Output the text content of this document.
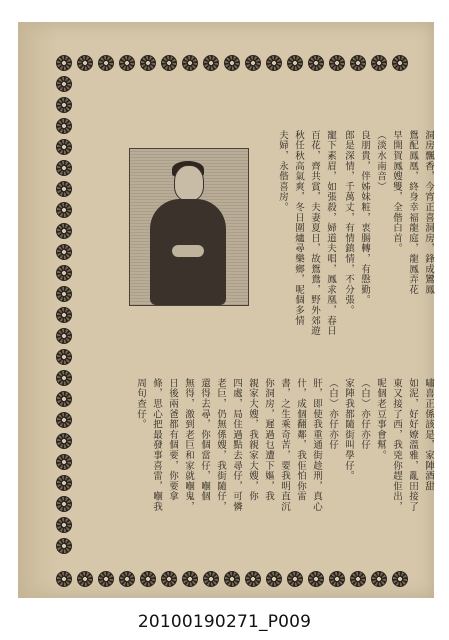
洞房飄香，今宵正喜洞房，鋒成鸞鳳
鴛配鳳凰，終身幸福龍庭，龍鳳弄花
早開賀鳳嫂雙，全偕白首。
（淡水南音）
良朋貴，伴姊妹粧，衷腸轉，有慇勤。
郎是深情，千萬丈，有情鎮情，不分張。
寵下素眉，如張殺，婦道夫唱，鳳求凰，春日
百花，齊共賞，夫妻夏日，故鴛鴦，野外郊遊
秋任秋高氣爽，冬日圍爐尋樂鄉，呢個多情
夫婦，永偕喜房。
嘯喜正係該是，家陣酒甜
如泥，好好嫽溫雅，亂田接了
東又接了西，我兇你趕佢出，
呢個老豆事會幫。
（白）亦仔亦仔
家陣我都隨街叫學仔。
（白）亦仔亦仔
肝，即使我重通街趁刑，真心
什，成個翻鄰，我佢怕你雷
書，之生乘奇苦，要我明直沉
你洞房，遲過乜遭下嫗，我
親家大嫂，我親家大嫂，你
四處，局住過點去尋仔，可憐
老巨，仍無係嫂，我街隨仔，
還得去尋，你個當仔，嗰個
無得，激到老巨和家就嗰鬼，
日後兩爸都有個要，你要拿
條，思心把最發事喜雷，嗰我
周旬查仔。
20100190271_P009
